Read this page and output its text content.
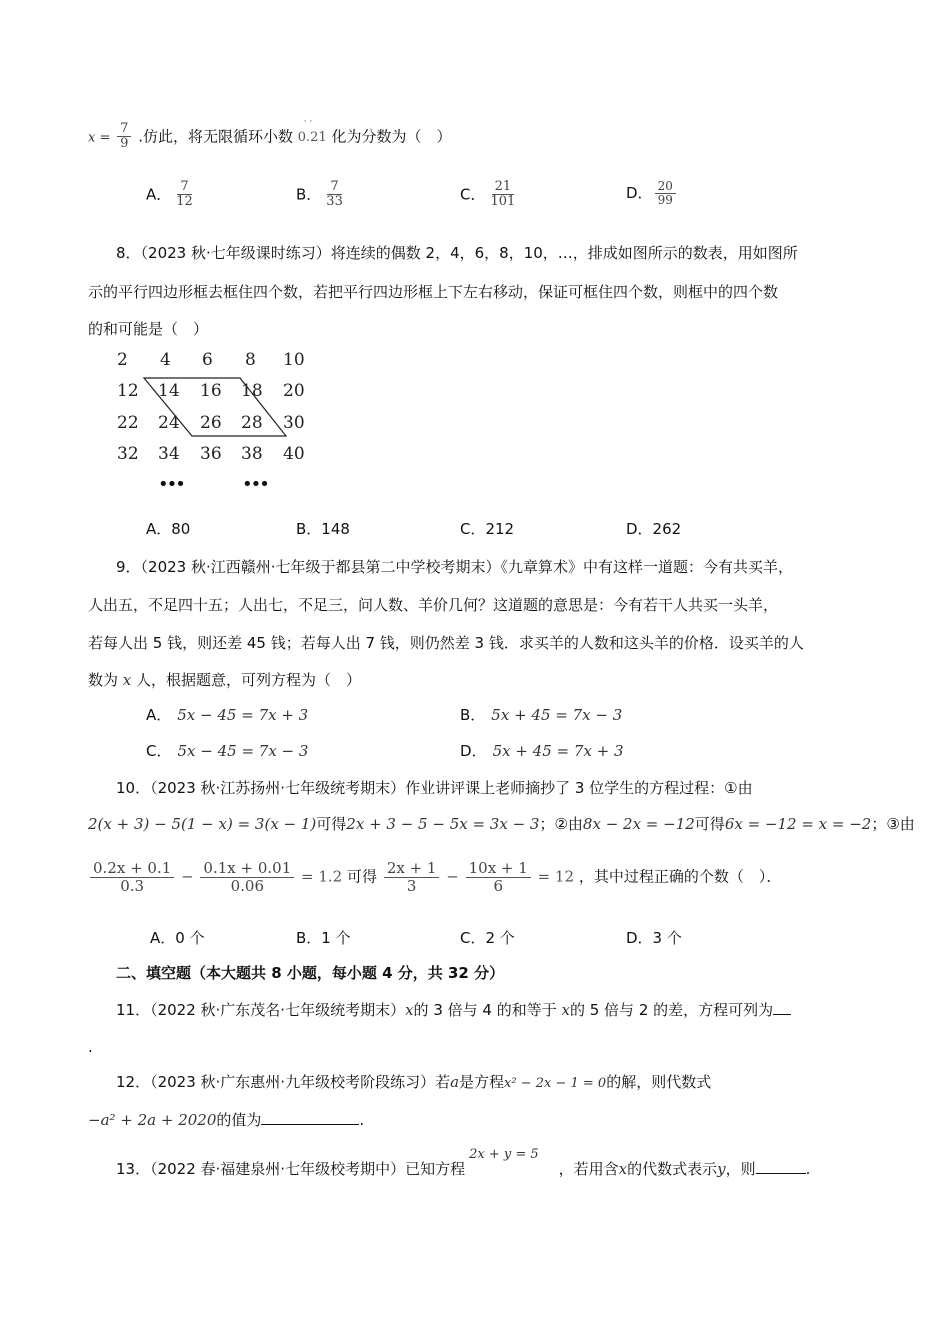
$x = \frac{7}{9}$ .仿此，将无限循环小数
· ·
0.21 化为分数为（　）
A． $\frac{7}{12}$	B． $\frac{7}{33}$	C． $\frac{21}{101}$	D． $\frac{20}{99}$
8．（2023 秋·七年级课时练习）将连续的偶数 2，4，6，8，10，…，排成如图所示的数表，用如图所
示的平行四边形框去框住四个数，若把平行四边形框上下左右移动，保证可框住四个数，则框中的四个数
的和可能是（　）
2 4 6 8 10
12 14 16 18 20
22 24 26 28 30
32 34 36 38 40
•••	•••
A．80	B．148	C．212	D．262
9．（2023 秋·江西赣州·七年级于都县第二中学校考期末）《九章算术》中有这样一道题：今有共买羊，
人出五，不足四十五；人出七，不足三，问人数、羊价几何？这道题的意思是：今有若干人共买一头羊，
若每人出 5 钱，则还差 45 钱；若每人出 7 钱，则仍然差 3 钱．求买羊的人数和这头羊的价格．设买羊的人
数为 x 人，根据题意，可列方程为（　）
A． 5x − 45 = 7x + 3	B． 5x + 45 = 7x − 3
C． 5x − 45 = 7x − 3	D． 5x + 45 = 7x + 3
10．（2023 秋·江苏扬州·七年级统考期末）作业讲评课上老师摘抄了 3 位学生的方程过程：①由
2(x + 3) − 5(1 − x) = 3(x − 1)可得2x + 3 − 5 − 5x = 3x − 3；②由8x − 2x = −12可得6x = −12 = x = −2；③由
$\frac{0.2x + 0.1}{0.3} - \frac{0.1x + 0.01}{0.06} = 1.2$ 可得 $\frac{2x + 1}{3} - \frac{10x + 1}{6} = 12$ ，其中过程正确的个数（　）．
A．0 个	B．1 个	C．2 个	D．3 个
二、填空题（本大题共 8 小题，每小题 4 分，共 32 分）
11．（2022 秋·广东茂名·七年级统考期末）x的 3 倍与 4 的和等于 x的 5 倍与 2 的差，方程可列为
.
12．（2023 秋·广东惠州·九年级校考阶段练习）若a是方程x² − 2x − 1 = 0的解，则代数式
−a² + 2a + 2020的值为	.
13．（2022 春·福建泉州·七年级校考期中）已知方程2x + y = 5，若用含x的代数式表示y，则	.
